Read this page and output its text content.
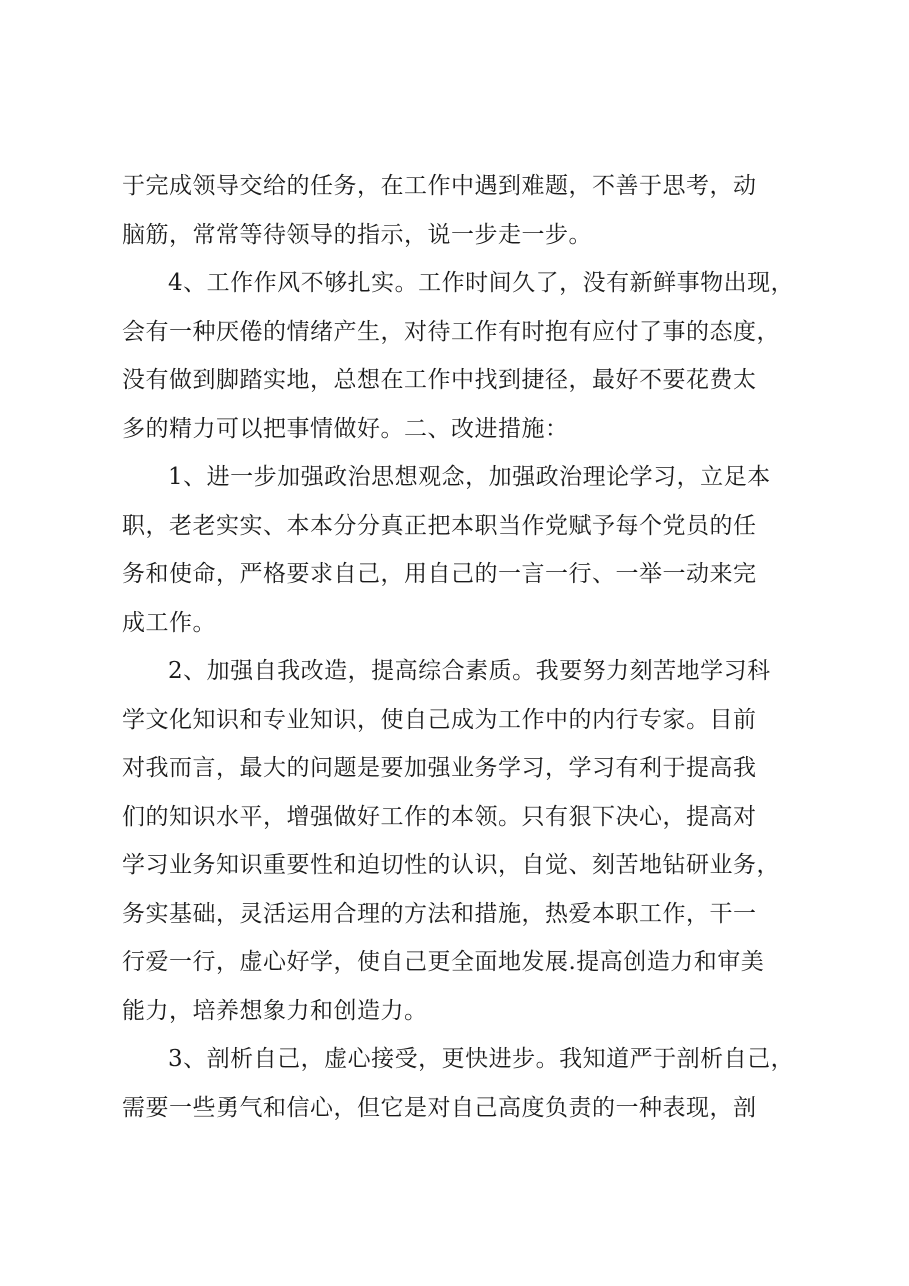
于完成领导交给的任务，在工作中遇到难题，不善于思考，动
脑筋，常常等待领导的指示，说一步走一步。
4、工作作风不够扎实。工作时间久了，没有新鲜事物出现，
会有一种厌倦的情绪产生，对待工作有时抱有应付了事的态度，
没有做到脚踏实地，总想在工作中找到捷径，最好不要花费太
多的精力可以把事情做好。二、改进措施：
1、进一步加强政治思想观念，加强政治理论学习，立足本
职，老老实实、本本分分真正把本职当作党赋予每个党员的任
务和使命，严格要求自己，用自己的一言一行、一举一动来完
成工作。
2、加强自我改造，提高综合素质。我要努力刻苦地学习科
学文化知识和专业知识，使自己成为工作中的内行专家。目前
对我而言，最大的问题是要加强业务学习，学习有利于提高我
们的知识水平，增强做好工作的本领。只有狠下决心，提高对
学习业务知识重要性和迫切性的认识，自觉、刻苦地钻研业务，
务实基础，灵活运用合理的方法和措施，热爱本职工作，干一
行爱一行，虚心好学，使自己更全面地发展.提高创造力和审美
能力，培养想象力和创造力。
3、剖析自己，虚心接受，更快进步。我知道严于剖析自己，
需要一些勇气和信心，但它是对自己高度负责的一种表现，剖
